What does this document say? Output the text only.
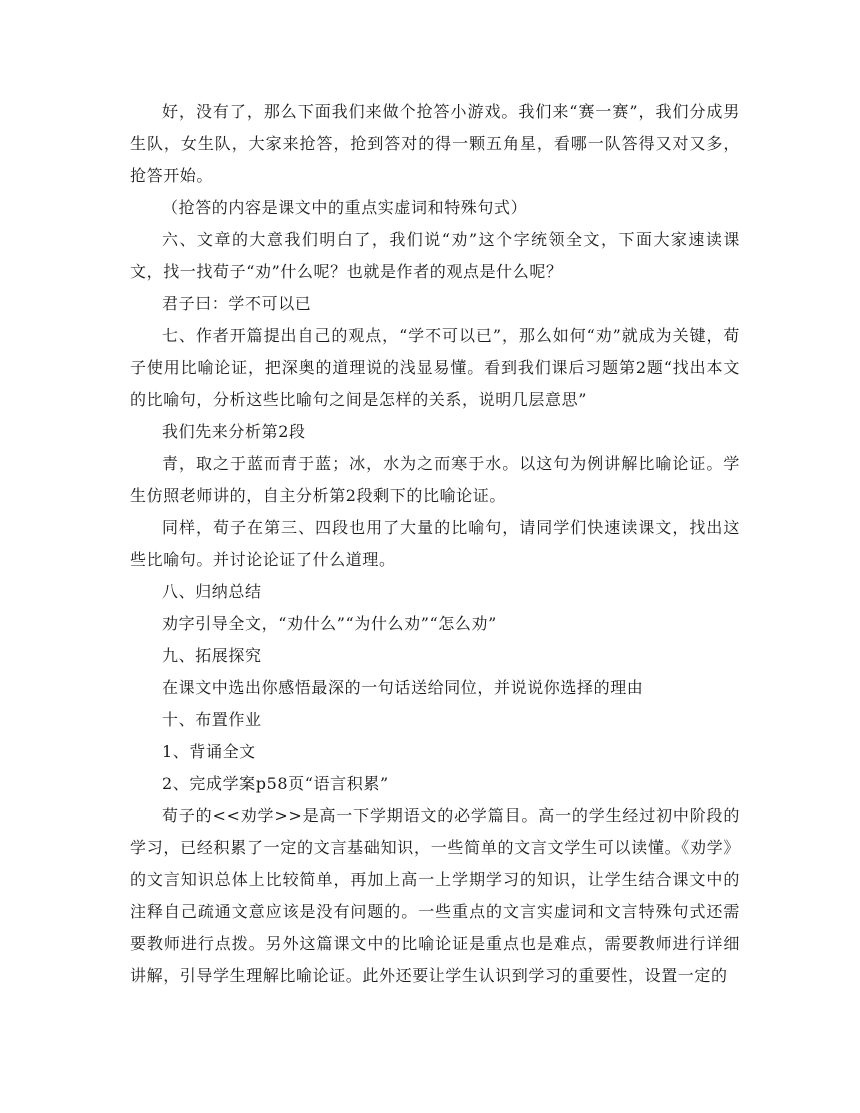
好，没有了，那么下面我们来做个抢答小游戏。我们来“赛一赛”，我们分成男生队，女生队，大家来抢答，抢到答对的得一颗五角星，看哪一队答得又对又多，抢答开始。

（抢答的内容是课文中的重点实虚词和特殊句式）

六、文章的大意我们明白了，我们说“劝”这个字统领全文，下面大家速读课文，找一找荀子“劝”什么呢？也就是作者的观点是什么呢？

君子曰：学不可以已

七、作者开篇提出自己的观点，“学不可以已”，那么如何“劝”就成为关键，荀子使用比喻论证，把深奥的道理说的浅显易懂。看到我们课后习题第2题“找出本文的比喻句，分析这些比喻句之间是怎样的关系，说明几层意思”

我们先来分析第2段

青，取之于蓝而青于蓝；冰，水为之而寒于水。以这句为例讲解比喻论证。学生仿照老师讲的，自主分析第2段剩下的比喻论证。

同样，荀子在第三、四段也用了大量的比喻句，请同学们快速读课文，找出这些比喻句。并讨论论证了什么道理。

八、归纳总结

劝字引导全文，“劝什么”“为什么劝”“怎么劝”

九、拓展探究

在课文中选出你感悟最深的一句话送给同位，并说说你选择的理由

十、布置作业

1、背诵全文

2、完成学案p58页“语言积累”

荀子的<<劝学>>是高一下学期语文的必学篇目。高一的学生经过初中阶段的学习，已经积累了一定的文言基础知识，一些简单的文言文学生可以读懂。《劝学》的文言知识总体上比较简单，再加上高一上学期学习的知识，让学生结合课文中的注释自己疏通文意应该是没有问题的。一些重点的文言实虚词和文言特殊句式还需要教师进行点拨。另外这篇课文中的比喻论证是重点也是难点，需要教师进行详细讲解，引导学生理解比喻论证。此外还要让学生认识到学习的重要性，设置一定的
